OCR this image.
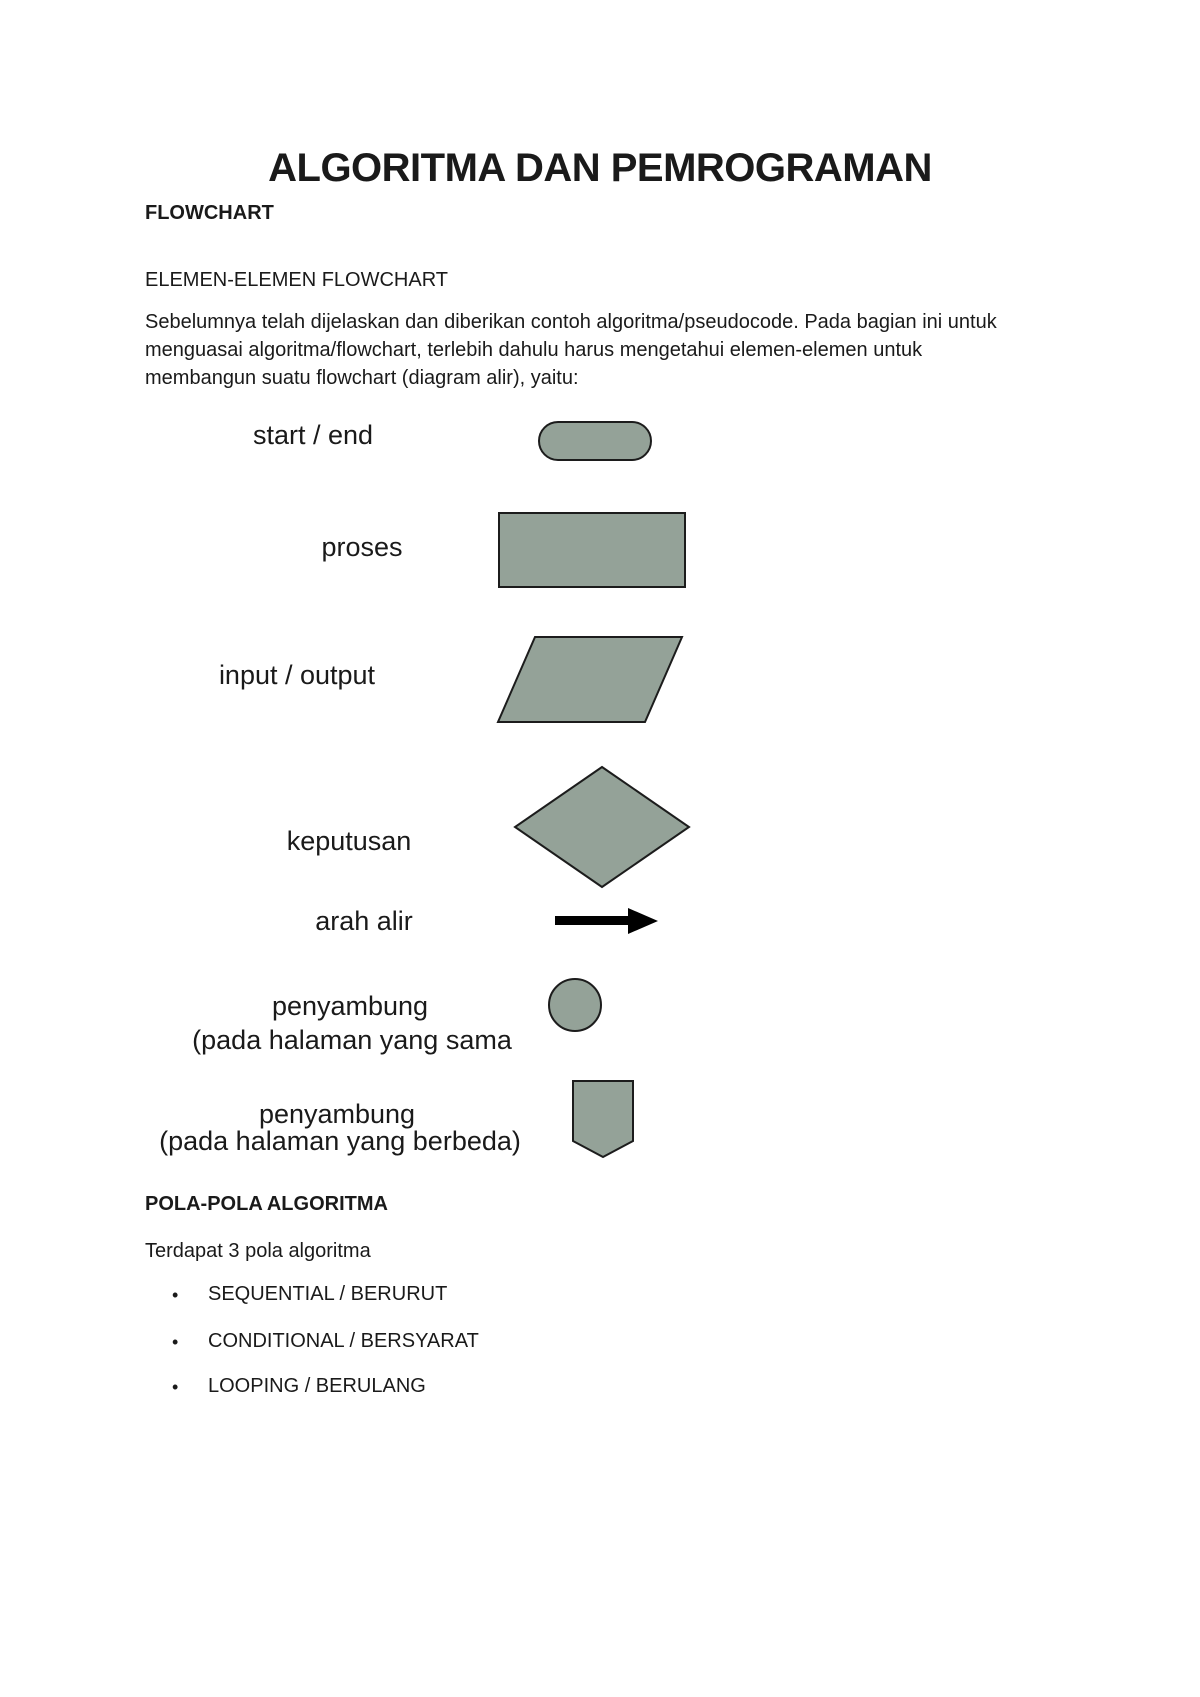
ALGORITMA DAN PEMROGRAMAN
FLOWCHART
ELEMEN-ELEMEN FLOWCHART
Sebelumnya telah dijelaskan dan diberikan contoh algoritma/pseudocode. Pada bagian ini untuk
menguasai algoritma/flowchart, terlebih dahulu harus mengetahui elemen-elemen untuk
membangun suatu flowchart (diagram alir), yaitu:
start / end
proses
input / output
keputusan
arah alir
penyambung
(pada halaman yang sama
penyambung
(pada halaman yang berbeda)
POLA-POLA ALGORITMA
Terdapat 3 pola algoritma
•	SEQUENTIAL / BERURUT
•	CONDITIONAL / BERSYARAT
•	LOOPING / BERULANG
